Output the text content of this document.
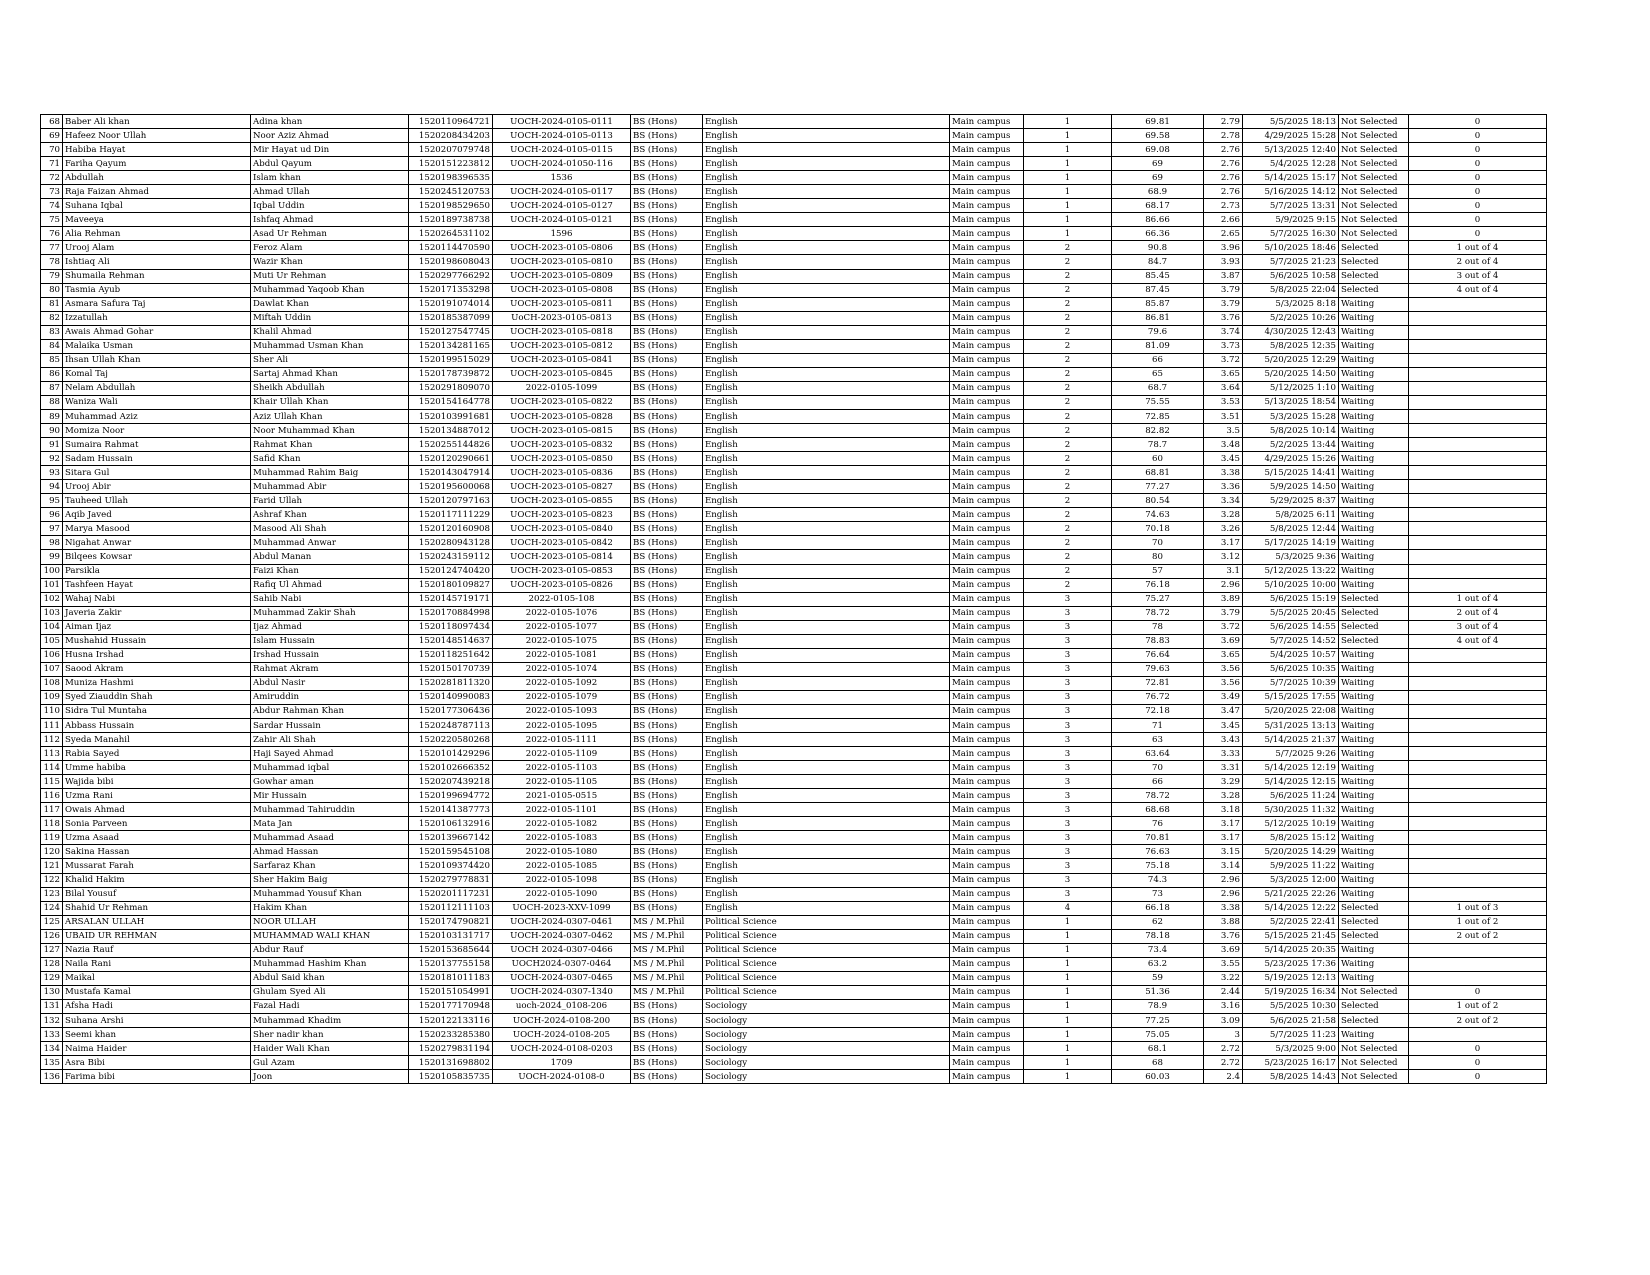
68	Baber Ali khan	Adina khan	1520110964721	UOCH-2024-0105-0111	BS (Hons)	English	Main campus	1	69.81	2.79	5/5/2025 18:13	Not Selected	0
69	Hafeez Noor Ullah	Noor Aziz Ahmad	1520208434203	UOCH-2024-0105-0113	BS (Hons)	English	Main campus	1	69.58	2.78	4/29/2025 15:28	Not Selected	0
70	Habiba Hayat	Mir Hayat ud Din	1520207079748	UOCH-2024-0105-0115	BS (Hons)	English	Main campus	1	69.08	2.76	5/13/2025 12:40	Not Selected	0
71	Fariha Qayum	Abdul Qayum	1520151223812	UOCH-2024-01050-116	BS (Hons)	English	Main campus	1	69	2.76	5/4/2025 12:28	Not Selected	0
72	Abdullah	Islam khan	1520198396535	1536	BS (Hons)	English	Main campus	1	69	2.76	5/14/2025 15:17	Not Selected	0
73	Raja Faizan Ahmad	Ahmad Ullah	1520245120753	UOCH-2024-0105-0117	BS (Hons)	English	Main campus	1	68.9	2.76	5/16/2025 14:12	Not Selected	0
74	Suhana Iqbal	Iqbal Uddin	1520198529650	UOCH-2024-0105-0127	BS (Hons)	English	Main campus	1	68.17	2.73	5/7/2025 13:31	Not Selected	0
75	Maveeya	Ishfaq Ahmad	1520189738738	UOCH-2024-0105-0121	BS (Hons)	English	Main campus	1	86.66	2.66	5/9/2025 9:15	Not Selected	0
76	Alia Rehman	Asad Ur Rehman	1520264531102	1596	BS (Hons)	English	Main campus	1	66.36	2.65	5/7/2025 16:30	Not Selected	0
77	Urooj Alam	Feroz Alam	1520114470590	UOCH-2023-0105-0806	BS (Hons)	English	Main campus	2	90.8	3.96	5/10/2025 18:46	Selected	1 out of 4
78	Ishtiaq Ali	Wazir Khan	1520198608043	UOCH-2023-0105-0810	BS (Hons)	English	Main campus	2	84.7	3.93	5/7/2025 21:23	Selected	2 out of 4
79	Shumaila Rehman	Muti Ur Rehman	1520297766292	UOCH-2023-0105-0809	BS (Hons)	English	Main campus	2	85.45	3.87	5/6/2025 10:58	Selected	3 out of 4
80	Tasmia Ayub	Muhammad Yaqoob Khan	1520171353298	UOCH-2023-0105-0808	BS (Hons)	English	Main campus	2	87.45	3.79	5/8/2025 22:04	Selected	4 out of 4
81	Asmara Safura Taj	Dawlat Khan	1520191074014	UOCH-2023-0105-0811	BS (Hons)	English	Main campus	2	85.87	3.79	5/3/2025 8:18	Waiting	
82	Izzatullah	Miftah Uddin	1520185387099	UoCH-2023-0105-0813	BS (Hons)	English	Main campus	2	86.81	3.76	5/2/2025 10:26	Waiting	
83	Awais Ahmad Gohar	Khalil Ahmad	1520127547745	UOCH-2023-0105-0818	BS (Hons)	English	Main campus	2	79.6	3.74	4/30/2025 12:43	Waiting	
84	Malaika Usman	Muhammad Usman Khan	1520134281165	UOCH-2023-0105-0812	BS (Hons)	English	Main campus	2	81.09	3.73	5/8/2025 12:35	Waiting	
85	Ihsan Ullah Khan	Sher Ali	1520199515029	UOCH-2023-0105-0841	BS (Hons)	English	Main campus	2	66	3.72	5/20/2025 12:29	Waiting	
86	Komal Taj	Sartaj Ahmad Khan	1520178739872	UOCH-2023-0105-0845	BS (Hons)	English	Main campus	2	65	3.65	5/20/2025 14:50	Waiting	
87	Nelam Abdullah	Sheikh Abdullah	1520291809070	2022-0105-1099	BS (Hons)	English	Main campus	2	68.7	3.64	5/12/2025 1:10	Waiting	
88	Waniza Wali	Khair Ullah Khan	1520154164778	UOCH-2023-0105-0822	BS (Hons)	English	Main campus	2	75.55	3.53	5/13/2025 18:54	Waiting	
89	Muhammad Aziz	Aziz Ullah Khan	1520103991681	UOCH-2023-0105-0828	BS (Hons)	English	Main campus	2	72.85	3.51	5/3/2025 15:28	Waiting	
90	Momiza Noor	Noor Muhammad Khan	1520134887012	UOCH-2023-0105-0815	BS (Hons)	English	Main campus	2	82.82	3.5	5/8/2025 10:14	Waiting	
91	Sumaira Rahmat	Rahmat Khan	1520255144826	UOCH-2023-0105-0832	BS (Hons)	English	Main campus	2	78.7	3.48	5/2/2025 13:44	Waiting	
92	Sadam Hussain	Safid Khan	1520120290661	UOCH-2023-0105-0850	BS (Hons)	English	Main campus	2	60	3.45	4/29/2025 15:26	Waiting	
93	Sitara Gul	Muhammad Rahim Baig	1520143047914	UOCH-2023-0105-0836	BS (Hons)	English	Main campus	2	68.81	3.38	5/15/2025 14:41	Waiting	
94	Urooj Abir	Muhammad Abir	1520195600068	UOCH-2023-0105-0827	BS (Hons)	English	Main campus	2	77.27	3.36	5/9/2025 14:50	Waiting	
95	Tauheed Ullah	Farid Ullah	1520120797163	UOCH-2023-0105-0855	BS (Hons)	English	Main campus	2	80.54	3.34	5/29/2025 8:37	Waiting	
96	Aqib Javed	Ashraf Khan	1520117111229	UOCH-2023-0105-0823	BS (Hons)	English	Main campus	2	74.63	3.28	5/8/2025 6:11	Waiting	
97	Marya Masood	Masood Ali Shah	1520120160908	UOCH-2023-0105-0840	BS (Hons)	English	Main campus	2	70.18	3.26	5/8/2025 12:44	Waiting	
98	Nigahat Anwar	Muhammad Anwar	1520280943128	UOCH-2023-0105-0842	BS (Hons)	English	Main campus	2	70	3.17	5/17/2025 14:19	Waiting	
99	Bilqees Kowsar	Abdul Manan	1520243159112	UOCH-2023-0105-0814	BS (Hons)	English	Main campus	2	80	3.12	5/3/2025 9:36	Waiting	
100	Parsikla	Faizi Khan	1520124740420	UOCH-2023-0105-0853	BS (Hons)	English	Main campus	2	57	3.1	5/12/2025 13:22	Waiting	
101	Tashfeen Hayat	Rafiq Ul Ahmad	1520180109827	UOCH-2023-0105-0826	BS (Hons)	English	Main campus	2	76.18	2.96	5/10/2025 10:00	Waiting	
102	Wahaj Nabi	Sahib Nabi	1520145719171	2022-0105-108	BS (Hons)	English	Main campus	3	75.27	3.89	5/6/2025 15:19	Selected	1 out of 4
103	Javeria Zakir	Muhammad Zakir Shah	1520170884998	2022-0105-1076	BS (Hons)	English	Main campus	3	78.72	3.79	5/5/2025 20:45	Selected	2 out of 4
104	Aiman Ijaz	Ijaz Ahmad	1520118097434	2022-0105-1077	BS (Hons)	English	Main campus	3	78	3.72	5/6/2025 14:55	Selected	3 out of 4
105	Mushahid Hussain	Islam Hussain	1520148514637	2022-0105-1075	BS (Hons)	English	Main campus	3	78.83	3.69	5/7/2025 14:52	Selected	4 out of 4
106	Husna Irshad	Irshad Hussain	1520118251642	2022-0105-1081	BS (Hons)	English	Main campus	3	76.64	3.65	5/4/2025 10:57	Waiting	
107	Saood Akram	Rahmat Akram	1520150170739	2022-0105-1074	BS (Hons)	English	Main campus	3	79.63	3.56	5/6/2025 10:35	Waiting	
108	Muniza Hashmi	Abdul Nasir	1520281811320	2022-0105-1092	BS (Hons)	English	Main campus	3	72.81	3.56	5/7/2025 10:39	Waiting	
109	Syed Ziauddin Shah	Amiruddin	1520140990083	2022-0105-1079	BS (Hons)	English	Main campus	3	76.72	3.49	5/15/2025 17:55	Waiting	
110	Sidra Tul Muntaha	Abdur Rahman Khan	1520177306436	2022-0105-1093	BS (Hons)	English	Main campus	3	72.18	3.47	5/20/2025 22:08	Waiting	
111	Abbass Hussain	Sardar Hussain	1520248787113	2022-0105-1095	BS (Hons)	English	Main campus	3	71	3.45	5/31/2025 13:13	Waiting	
112	Syeda Manahil	Zahir Ali Shah	1520220580268	2022-0105-1111	BS (Hons)	English	Main campus	3	63	3.43	5/14/2025 21:37	Waiting	
113	Rabia Sayed	Haji Sayed Ahmad	1520101429296	2022-0105-1109	BS (Hons)	English	Main campus	3	63.64	3.33	5/7/2025 9:26	Waiting	
114	Umme habiba	Muhammad iqbal	1520102666352	2022-0105-1103	BS (Hons)	English	Main campus	3	70	3.31	5/14/2025 12:19	Waiting	
115	Wajida bibi	Gowhar aman	1520207439218	2022-0105-1105	BS (Hons)	English	Main campus	3	66	3.29	5/14/2025 12:15	Waiting	
116	Uzma Rani	Mir Hussain	1520199694772	2021-0105-0515	BS (Hons)	English	Main campus	3	78.72	3.28	5/6/2025 11:24	Waiting	
117	Owais Ahmad	Muhammad Tahiruddin	1520141387773	2022-0105-1101	BS (Hons)	English	Main campus	3	68.68	3.18	5/30/2025 11:32	Waiting	
118	Sonia Parveen	Mata Jan	1520106132916	2022-0105-1082	BS (Hons)	English	Main campus	3	76	3.17	5/12/2025 10:19	Waiting	
119	Uzma Asaad	Muhammad Asaad	1520139667142	2022-0105-1083	BS (Hons)	English	Main campus	3	70.81	3.17	5/8/2025 15:12	Waiting	
120	Sakina Hassan	Ahmad Hassan	1520159545108	2022-0105-1080	BS (Hons)	English	Main campus	3	76.63	3.15	5/20/2025 14:29	Waiting	
121	Mussarat Farah	Sarfaraz Khan	1520109374420	2022-0105-1085	BS (Hons)	English	Main campus	3	75.18	3.14	5/9/2025 11:22	Waiting	
122	Khalid Hakim	Sher Hakim Baig	1520279778831	2022-0105-1098	BS (Hons)	English	Main campus	3	74.3	2.96	5/3/2025 12:00	Waiting	
123	Bilal Yousuf	Muhammad Yousuf Khan	1520201117231	2022-0105-1090	BS (Hons)	English	Main campus	3	73	2.96	5/21/2025 22:26	Waiting	
124	Shahid Ur Rehman	Hakim Khan	1520112111103	UOCH-2023-XXV-1099	BS (Hons)	English	Main campus	4	66.18	3.38	5/14/2025 12:22	Selected	1 out of 3
125	ARSALAN ULLAH	NOOR ULLAH	1520174790821	UOCH-2024-0307-0461	MS / M.Phil	Political Science	Main campus	1	62	3.88	5/2/2025 22:41	Selected	1 out of 2
126	UBAID UR REHMAN	MUHAMMAD WALI KHAN	1520103131717	UOCH-2024-0307-0462	MS / M.Phil	Political Science	Main campus	1	78.18	3.76	5/15/2025 21:45	Selected	2 out of 2
127	Nazia Rauf	Abdur Rauf	1520153685644	UOCH 2024-0307-0466	MS / M.Phil	Political Science	Main campus	1	73.4	3.69	5/14/2025 20:35	Waiting	
128	Naila Rani	Muhammad Hashim Khan	1520137755158	UOCH2024-0307-0464	MS / M.Phil	Political Science	Main campus	1	63.2	3.55	5/23/2025 17:36	Waiting	
129	Maikal	Abdul Said khan	1520181011183	UOCH-2024-0307-0465	MS / M.Phil	Political Science	Main campus	1	59	3.22	5/19/2025 12:13	Waiting	
130	Mustafa Kamal	Ghulam Syed Ali	1520151054991	UOCH-2024-0307-1340	MS / M.Phil	Political Science	Main campus	1	51.36	2.44	5/19/2025 16:34	Not Selected	0
131	Afsha Hadi	Fazal Hadi	1520177170948	uoch-2024_0108-206	BS (Hons)	Sociology	Main campus	1	78.9	3.16	5/5/2025 10:30	Selected	1 out of 2
132	Suhana Arshi	Muhammad Khadim	1520122133116	UOCH-2024-0108-200	BS (Hons)	Sociology	Main campus	1	77.25	3.09	5/6/2025 21:58	Selected	2 out of 2
133	Seemi khan	Sher nadir khan	1520233285380	UOCH-2024-0108-205	BS (Hons)	Sociology	Main campus	1	75.05	3	5/7/2025 11:23	Waiting	
134	Naima Haider	Haider Wali Khan	1520279831194	UOCH-2024-0108-0203	BS (Hons)	Sociology	Main campus	1	68.1	2.72	5/3/2025 9:00	Not Selected	0
135	Asra Bibi	Gul Azam	1520131698802	1709	BS (Hons)	Sociology	Main campus	1	68	2.72	5/23/2025 16:17	Not Selected	0
136	Farima bibi	Joon	1520105835735	UOCH-2024-0108-0	BS (Hons)	Sociology	Main campus	1	60.03	2.4	5/8/2025 14:43	Not Selected	0
